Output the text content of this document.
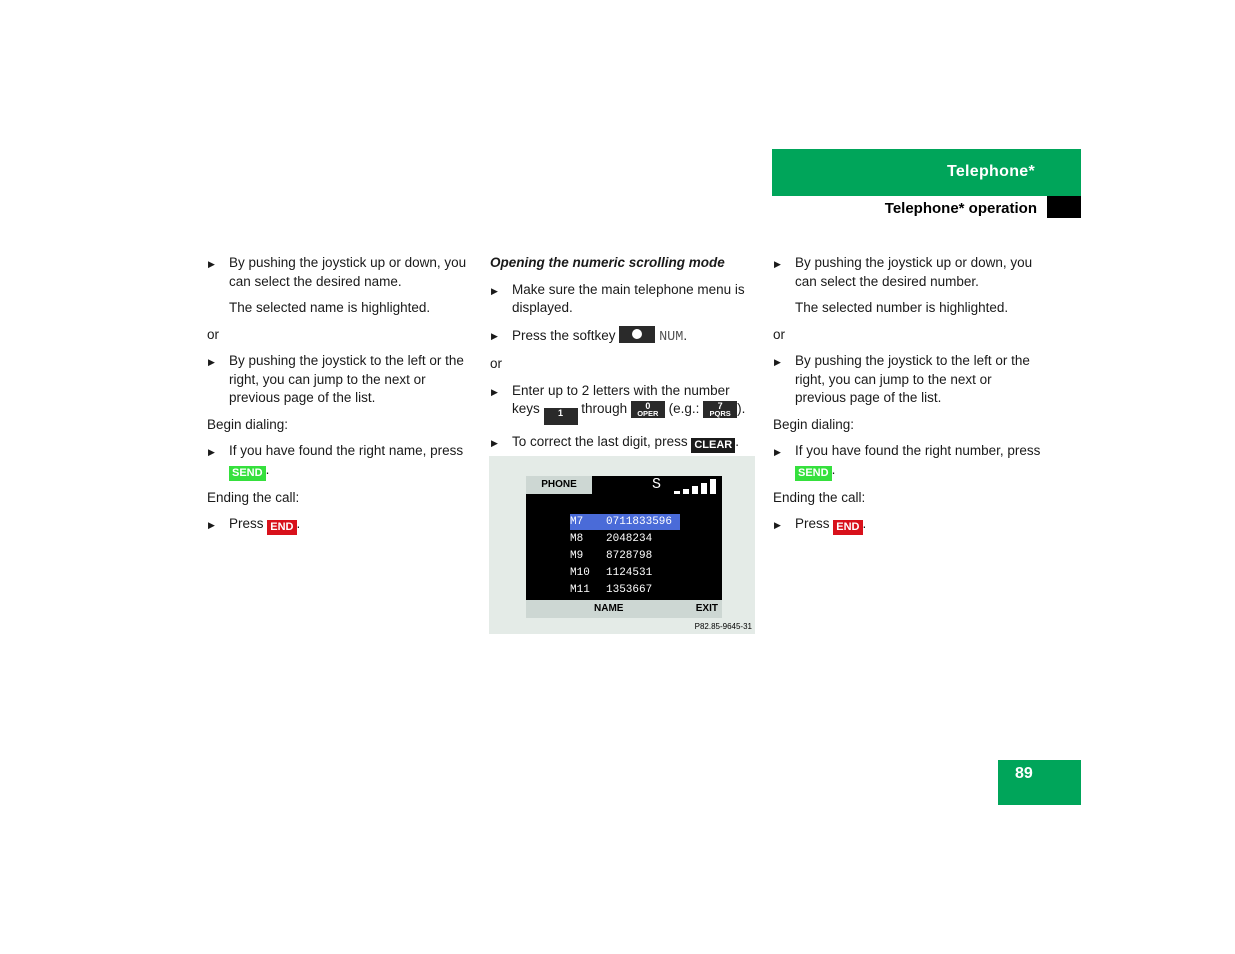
Telephone*
Telephone* operation
▶ By pushing the joystick up or down, you can select the desired name.
The selected name is highlighted.
or
▶ By pushing the joystick to the left or the right, you can jump to the next or previous page of the list.
Begin dialing:
▶ If you have found the right name, press SEND .
Ending the call:
▶ Press END .
Opening the numeric scrolling mode
▶ Make sure the main telephone menu is displayed.
▶ Press the softkey	NUM.
or
▶ Enter up to 2 letters with the number keys	1	through	0
OPER (e.g.:	7
PQRS ).
▶ To correct the last digit, press CLEAR .
PHONE	S
M7 0711833596
M8 2048234
M9 8728798
M10 1124531
M11 1353667
NAME	EXIT
P82.85-9645-31
▶ By pushing the joystick up or down, you can select the desired number.
The selected number is highlighted.
or
▶ By pushing the joystick to the left or the right, you can jump to the next or previous page of the list.
Begin dialing:
▶ If you have found the right number, press SEND .
Ending the call:
▶ Press END .
89
